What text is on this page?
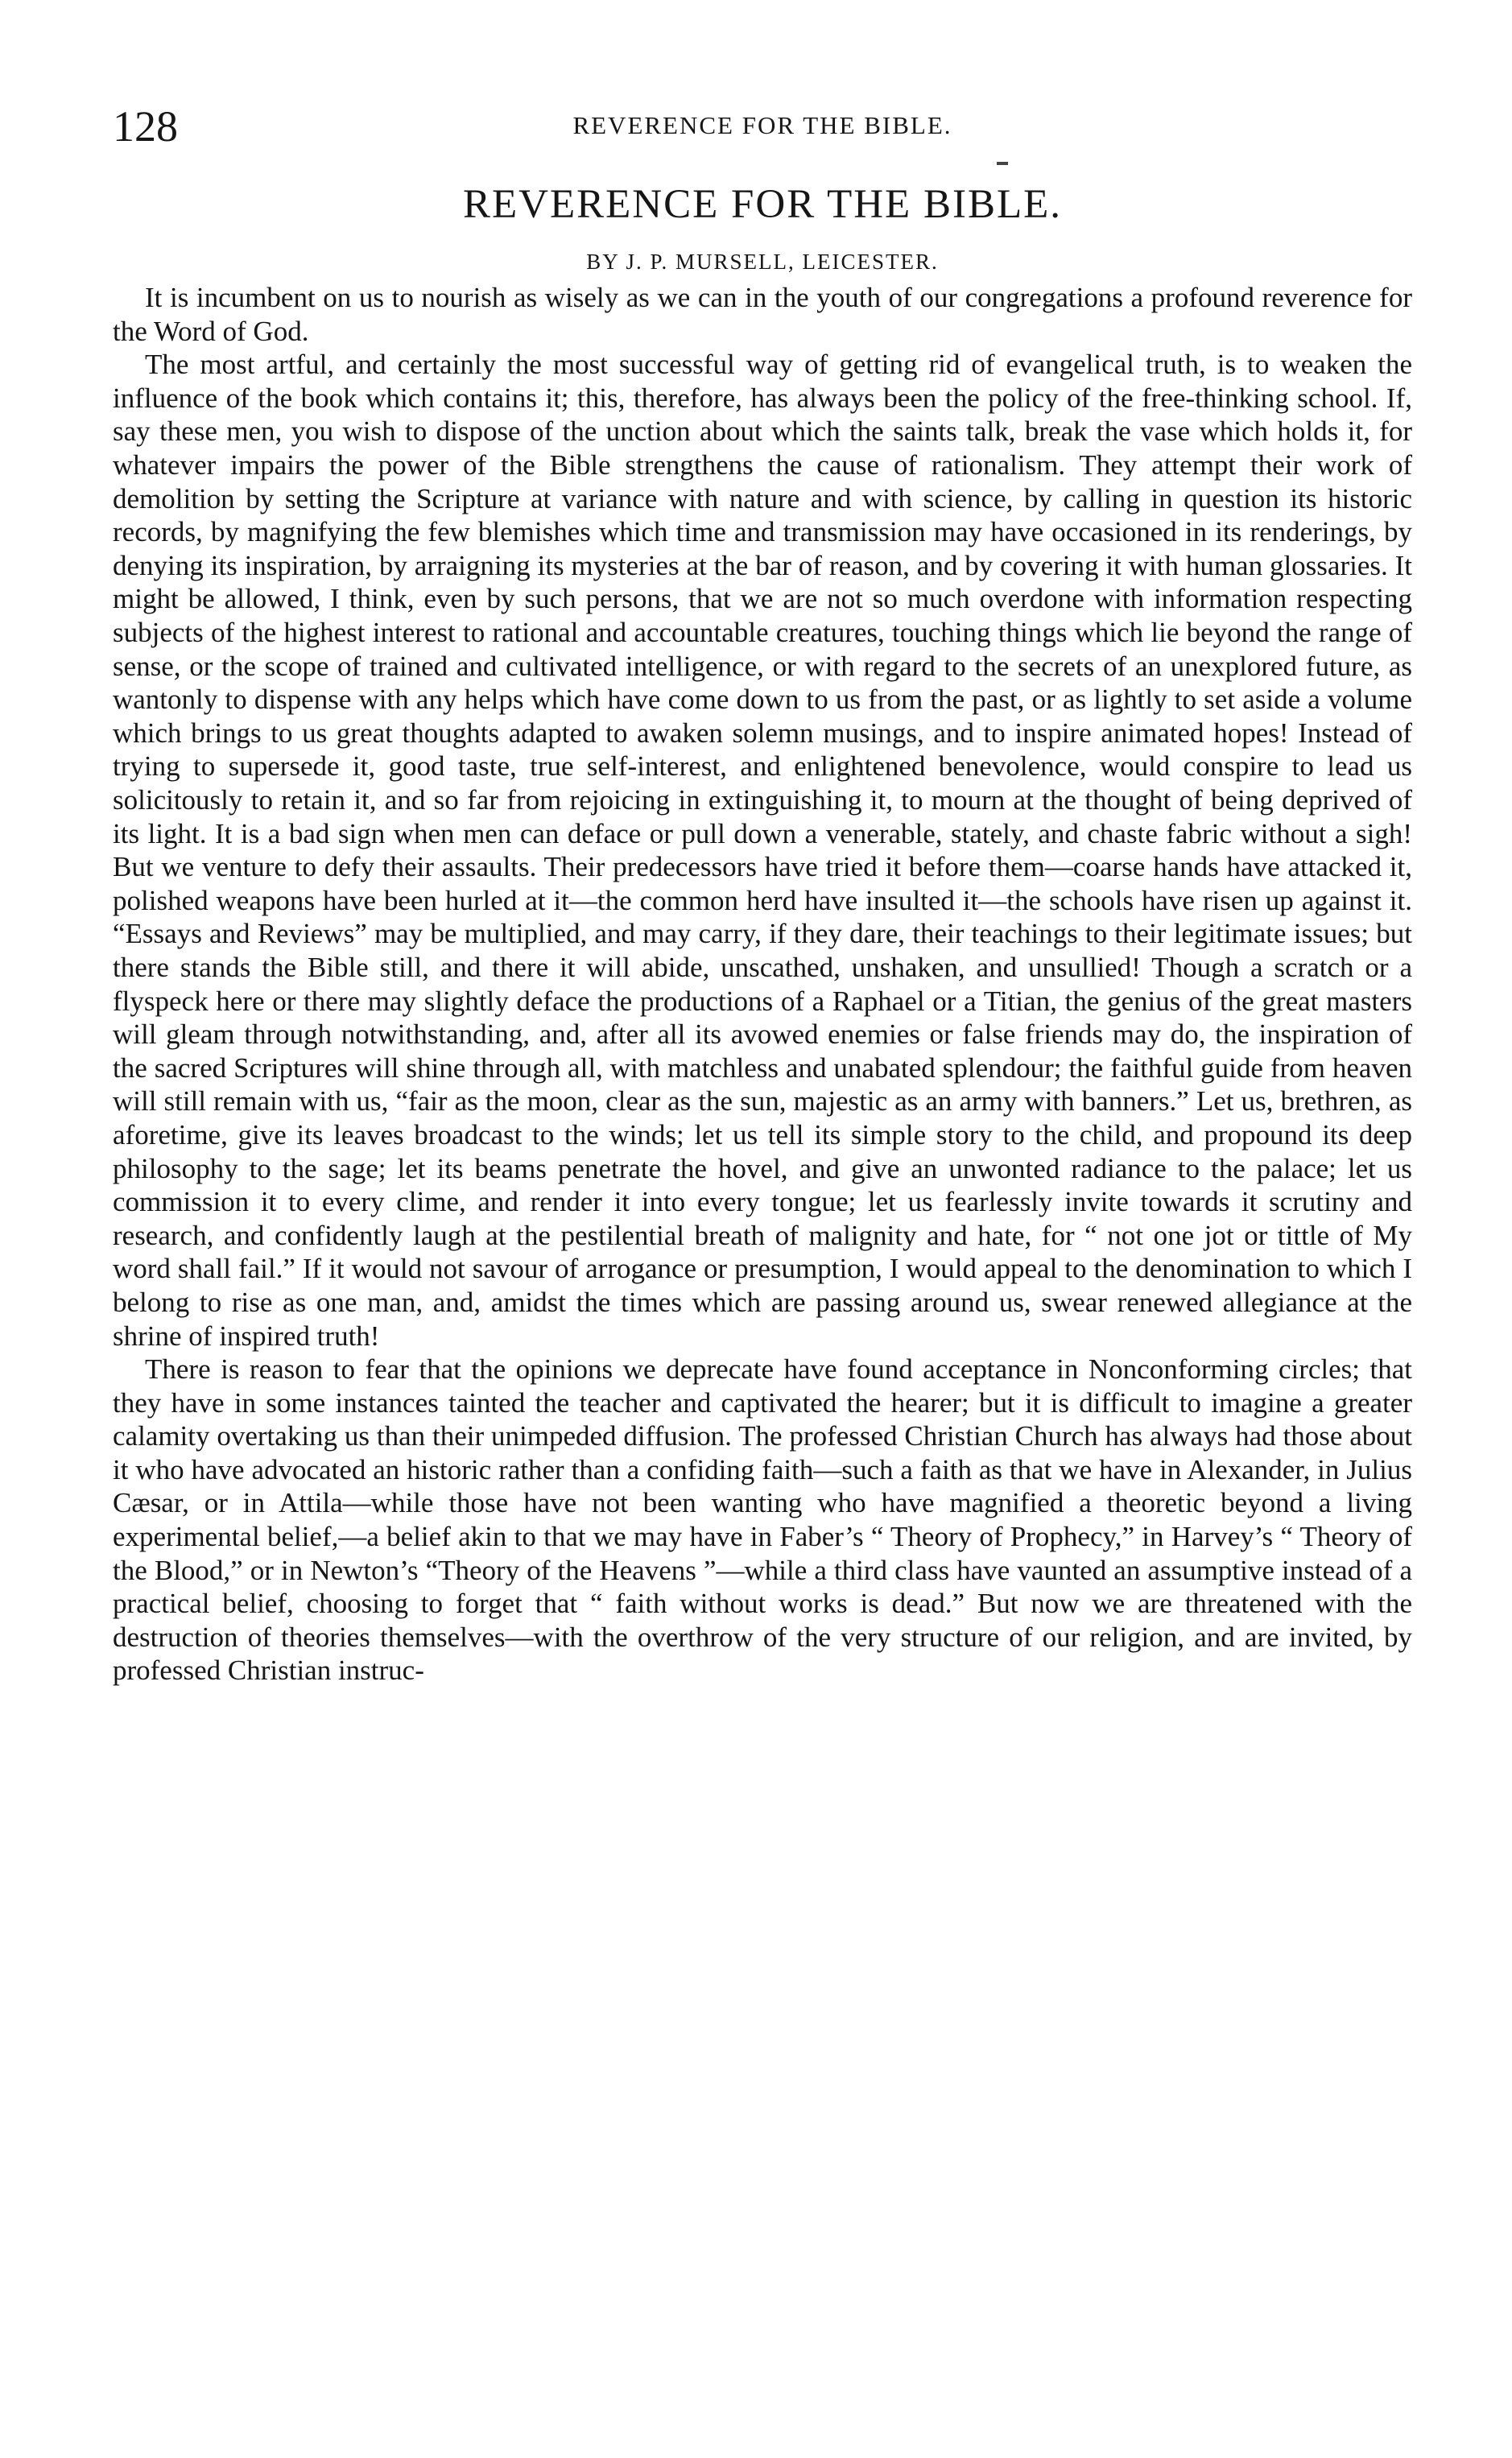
128	REVERENCE FOR THE BIBLE.
REVERENCE FOR THE BIBLE.
BY J. P. MURSELL, LEICESTER.

It is incumbent on us to nourish as wisely as we can in the youth of our congregations a profound reverence for the Word of God.

The most artful, and certainly the most successful way of getting rid of evangelical truth, is to weaken the influence of the book which contains it; this, therefore, has always been the policy of the free-thinking school. If, say these men, you wish to dispose of the unction about which the saints talk, break the vase which holds it, for whatever impairs the power of the Bible strengthens the cause of rationalism. They attempt their work of demolition by setting the Scripture at variance with nature and with science, by calling in question its historic records, by magnifying the few blemishes which time and transmission may have occasioned in its renderings, by denying its inspiration, by arraigning its mysteries at the bar of reason, and by covering it with human glossaries. It might be allowed, I think, even by such persons, that we are not so much overdone with information respecting subjects of the highest interest to rational and accountable creatures, touching things which lie beyond the range of sense, or the scope of trained and cultivated intelligence, or with regard to the secrets of an unexplored future, as wantonly to dispense with any helps which have come down to us from the past, or as lightly to set aside a volume which brings to us great thoughts adapted to awaken solemn musings, and to inspire animated hopes! Instead of trying to supersede it, good taste, true self-interest, and enlightened benevolence, would conspire to lead us solicitously to retain it, and so far from rejoicing in extinguishing it, to mourn at the thought of being deprived of its light. It is a bad sign when men can deface or pull down a venerable, stately, and chaste fabric without a sigh! But we venture to defy their assaults. Their predecessors have tried it before them—coarse hands have attacked it, polished weapons have been hurled at it—the common herd have insulted it—the schools have risen up against it. “Essays and Reviews” may be multiplied, and may carry, if they dare, their teachings to their legitimate issues; but there stands the Bible still, and there it will abide, unscathed, unshaken, and unsullied! Though a scratch or a flyspeck here or there may slightly deface the productions of a Raphael or a Titian, the genius of the great masters will gleam through notwithstanding, and, after all its avowed enemies or false friends may do, the inspiration of the sacred Scriptures will shine through all, with matchless and unabated splendour; the faithful guide from heaven will still remain with us, “fair as the moon, clear as the sun, majestic as an army with banners.” Let us, brethren, as aforetime, give its leaves broadcast to the winds; let us tell its simple story to the child, and propound its deep philosophy to the sage; let its beams penetrate the hovel, and give an unwonted radiance to the palace; let us commission it to every clime, and render it into every tongue; let us fearlessly invite towards it scrutiny and research, and confidently laugh at the pestilential breath of malignity and hate, for “ not one jot or tittle of My word shall fail.” If it would not savour of arrogance or presumption, I would appeal to the denomination to which I belong to rise as one man, and, amidst the times which are passing around us, swear renewed allegiance at the shrine of inspired truth!

There is reason to fear that the opinions we deprecate have found acceptance in Nonconforming circles; that they have in some instances tainted the teacher and captivated the hearer; but it is difficult to imagine a greater calamity overtaking us than their unimpeded diffusion. The professed Christian Church has always had those about it who have advocated an historic rather than a confiding faith—such a faith as that we have in Alexander, in Julius Cæsar, or in Attila—while those have not been wanting who have magnified a theoretic beyond a living experimental belief,—a belief akin to that we may have in Faber’s “ Theory of Prophecy,” in Harvey’s “ Theory of the Blood,” or in Newton’s “Theory of the Heavens ”—while a third class have vaunted an assumptive instead of a practical belief, choosing to forget that “ faith without works is dead.” But now we are threatened with the destruction of theories themselves—with the overthrow of the very structure of our religion, and are invited, by professed Christian instruc-
